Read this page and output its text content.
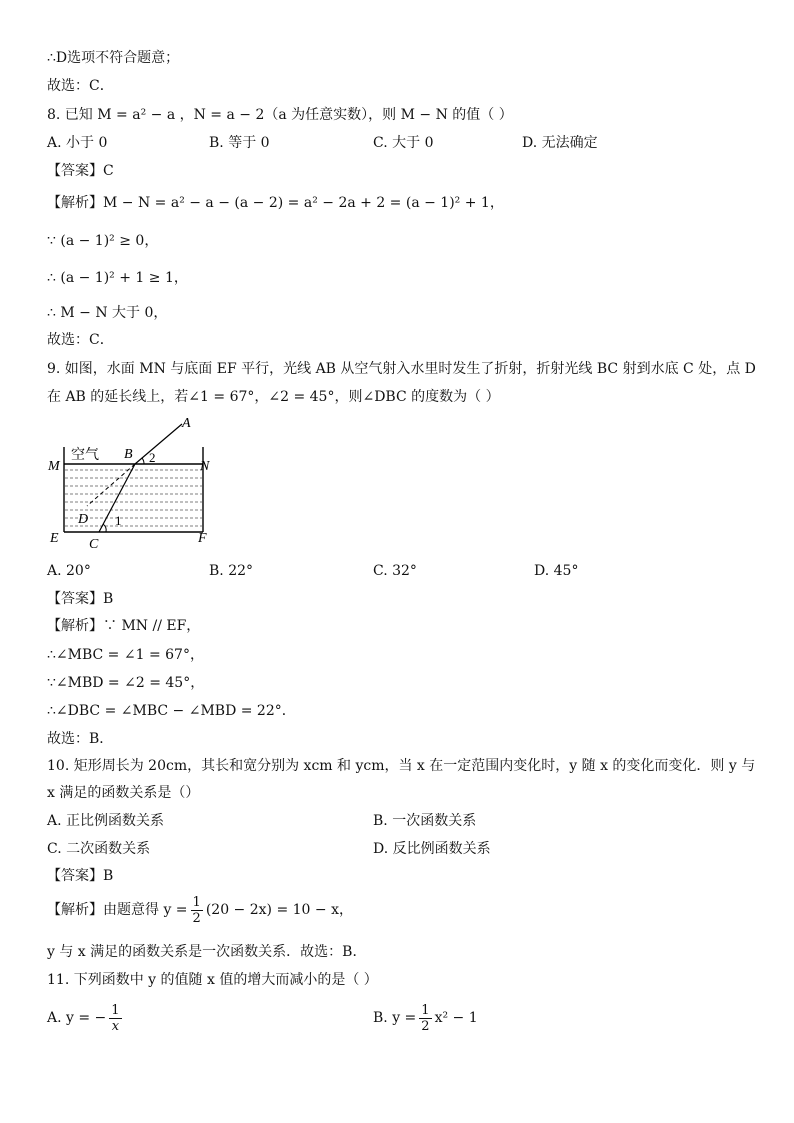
∴D选项不符合题意；
故选：C．
8. 已知 M = a² − a ，N = a − 2（a 为任意实数），则 M − N 的值（ ）
A. 小于 0	B. 等于 0	C. 大于 0	D. 无法确定
【答案】C
【解析】M − N = a² − a − (a − 2) = a² − 2a + 2 = (a − 1)² + 1，
∵ (a − 1)² ≥ 0，
∴ (a − 1)² + 1 ≥ 1，
∴ M − N 大于 0，
故选：C．
9. 如图，水面 MN 与底面 EF 平行，光线 AB 从空气射入水里时发生了折射，折射光线 BC 射到水底 C 处，点 D
在 AB 的延长线上，若∠1 = 67°，∠2 = 45°，则∠DBC 的度数为（ ）
空气
A
B 2
M	N
D 1
E C	F
A. 20°	B. 22°	C. 32°	D. 45°
【答案】B
【解析】∵ MN // EF，
∴∠MBC = ∠1 = 67°，
∵∠MBD = ∠2 = 45°，
∴∠DBC = ∠MBC − ∠MBD = 22°．
故选：B．
10. 矩形周长为 20cm，其长和宽分别为 xcm 和 ycm，当 x 在一定范围内变化时，y 随 x 的变化而变化．则 y 与
x 满足的函数关系是（）
A. 正比例函数关系	B. 一次函数关系
C. 二次函数关系	D. 反比例函数关系
【答案】B
【解析】由题意得 $y = \frac{1}{2} (20 - 2x) = 10 - x$，
y 与 x 满足的函数关系是一次函数关系．故选：B．
11. 下列函数中 y 的值随 x 值的增大而减小的是（ ）
A. y = − $\frac{1}{x}$	B. $y = \frac{1}{2} x^2 - 1$
